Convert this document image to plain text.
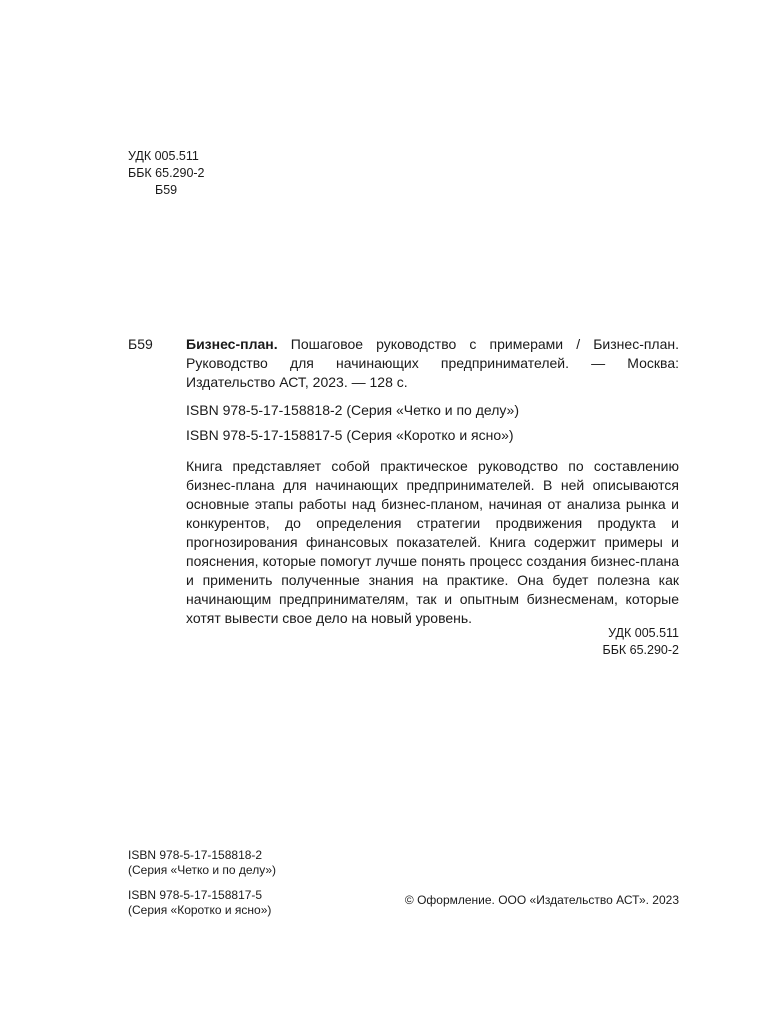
УДК 005.511
ББК 65.290-2
Б59
Б59 Бизнес-план. Пошаговое руководство с примерами / Бизнес-план. Руководство для начинающих предпринимателей. — Москва: Издательство АСТ, 2023. — 128 с.
ISBN 978-5-17-158818-2 (Серия «Четко и по делу»)
ISBN 978-5-17-158817-5 (Серия «Коротко и ясно»)
Книга представляет собой практическое руководство по составлению бизнес-плана для начинающих предпринимателей. В ней описываются основные этапы работы над бизнес-планом, начиная от анализа рынка и конкурентов, до определения стратегии продвижения продукта и прогнозирования финансовых показателей. Книга содержит примеры и пояснения, которые помогут лучше понять процесс создания бизнес-плана и применить полученные знания на практике. Она будет полезна как начинающим предпринимателям, так и опытным бизнесменам, которые хотят вывести свое дело на новый уровень.
УДК 005.511
ББК 65.290-2
ISBN 978-5-17-158818-2
(Серия «Четко и по делу»)
ISBN 978-5-17-158817-5
(Серия «Коротко и ясно»)
© Оформление. ООО «Издательство АСТ». 2023
